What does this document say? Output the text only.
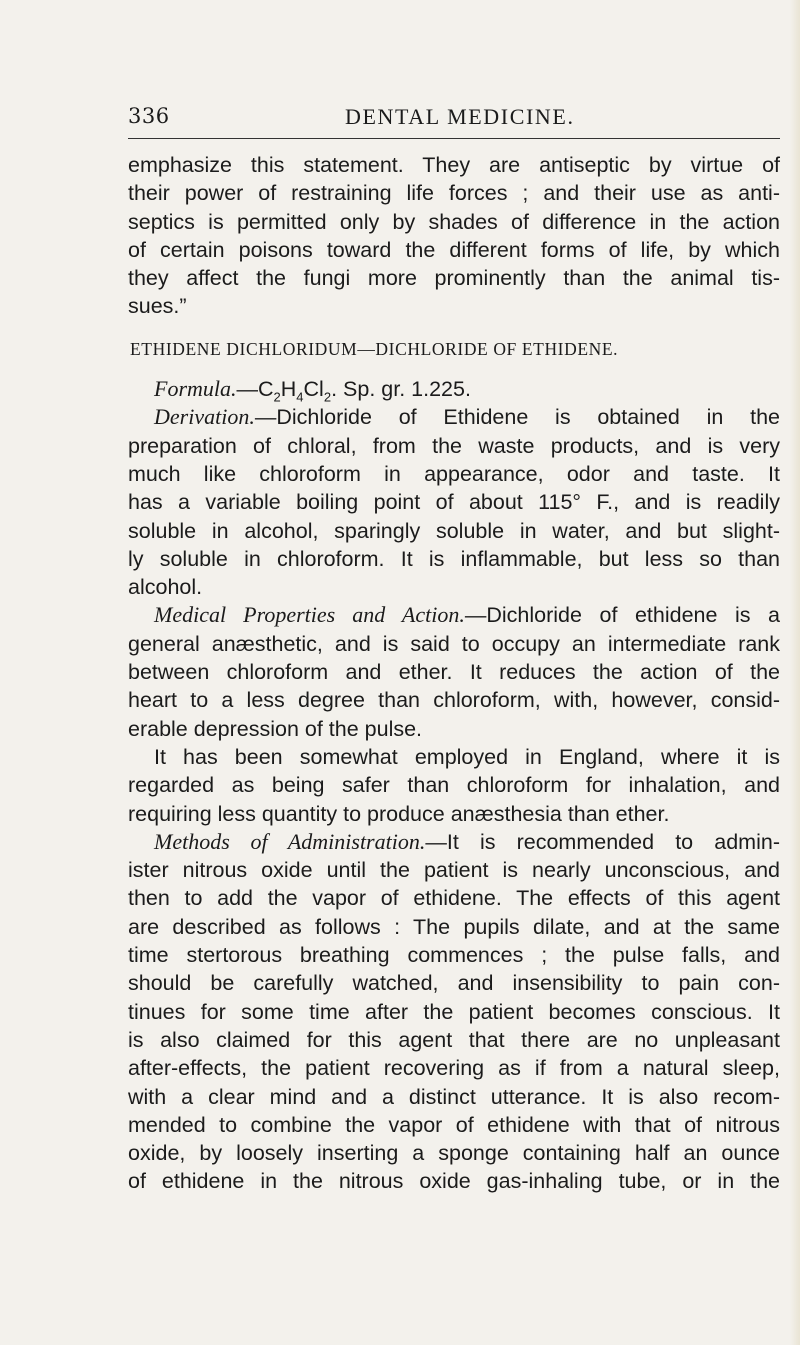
336	DENTAL MEDICINE.
emphasize this statement. They are antiseptic by virtue of
their power of restraining life forces ; and their use as anti-
septics is permitted only by shades of difference in the action
of certain poisons toward the different forms of life, by which
they affect the fungi more prominently than the animal tis-
sues.”
ETHIDENE DICHLORIDUM—DICHLORIDE OF ETHIDENE.
$Formula.—C_2H_4Cl_2$. Sp. gr. 1.225.
Derivation.—Dichloride of Ethidene is obtained in the
preparation of chloral, from the waste products, and is very
much like chloroform in appearance, odor and taste. It
has a variable boiling point of about 115° F., and is readily
soluble in alcohol, sparingly soluble in water, and but slight-
ly soluble in chloroform. It is inflammable, but less so than
alcohol.
Medical Properties and Action.—Dichloride of ethidene is a
general anæsthetic, and is said to occupy an intermediate rank
between chloroform and ether. It reduces the action of the
heart to a less degree than chloroform, with, however, consid-
erable depression of the pulse.
It has been somewhat employed in England, where it is
regarded as being safer than chloroform for inhalation, and
requiring less quantity to produce anæsthesia than ether.
Methods of Administration.—It is recommended to admin-
ister nitrous oxide until the patient is nearly unconscious, and
then to add the vapor of ethidene. The effects of this agent
are described as follows : The pupils dilate, and at the same
time stertorous breathing commences ; the pulse falls, and
should be carefully watched, and insensibility to pain con-
tinues for some time after the patient becomes conscious. It
is also claimed for this agent that there are no unpleasant
after-effects, the patient recovering as if from a natural sleep,
with a clear mind and a distinct utterance. It is also recom-
mended to combine the vapor of ethidene with that of nitrous
oxide, by loosely inserting a sponge containing half an ounce
of ethidene in the nitrous oxide gas-inhaling tube, or in the
